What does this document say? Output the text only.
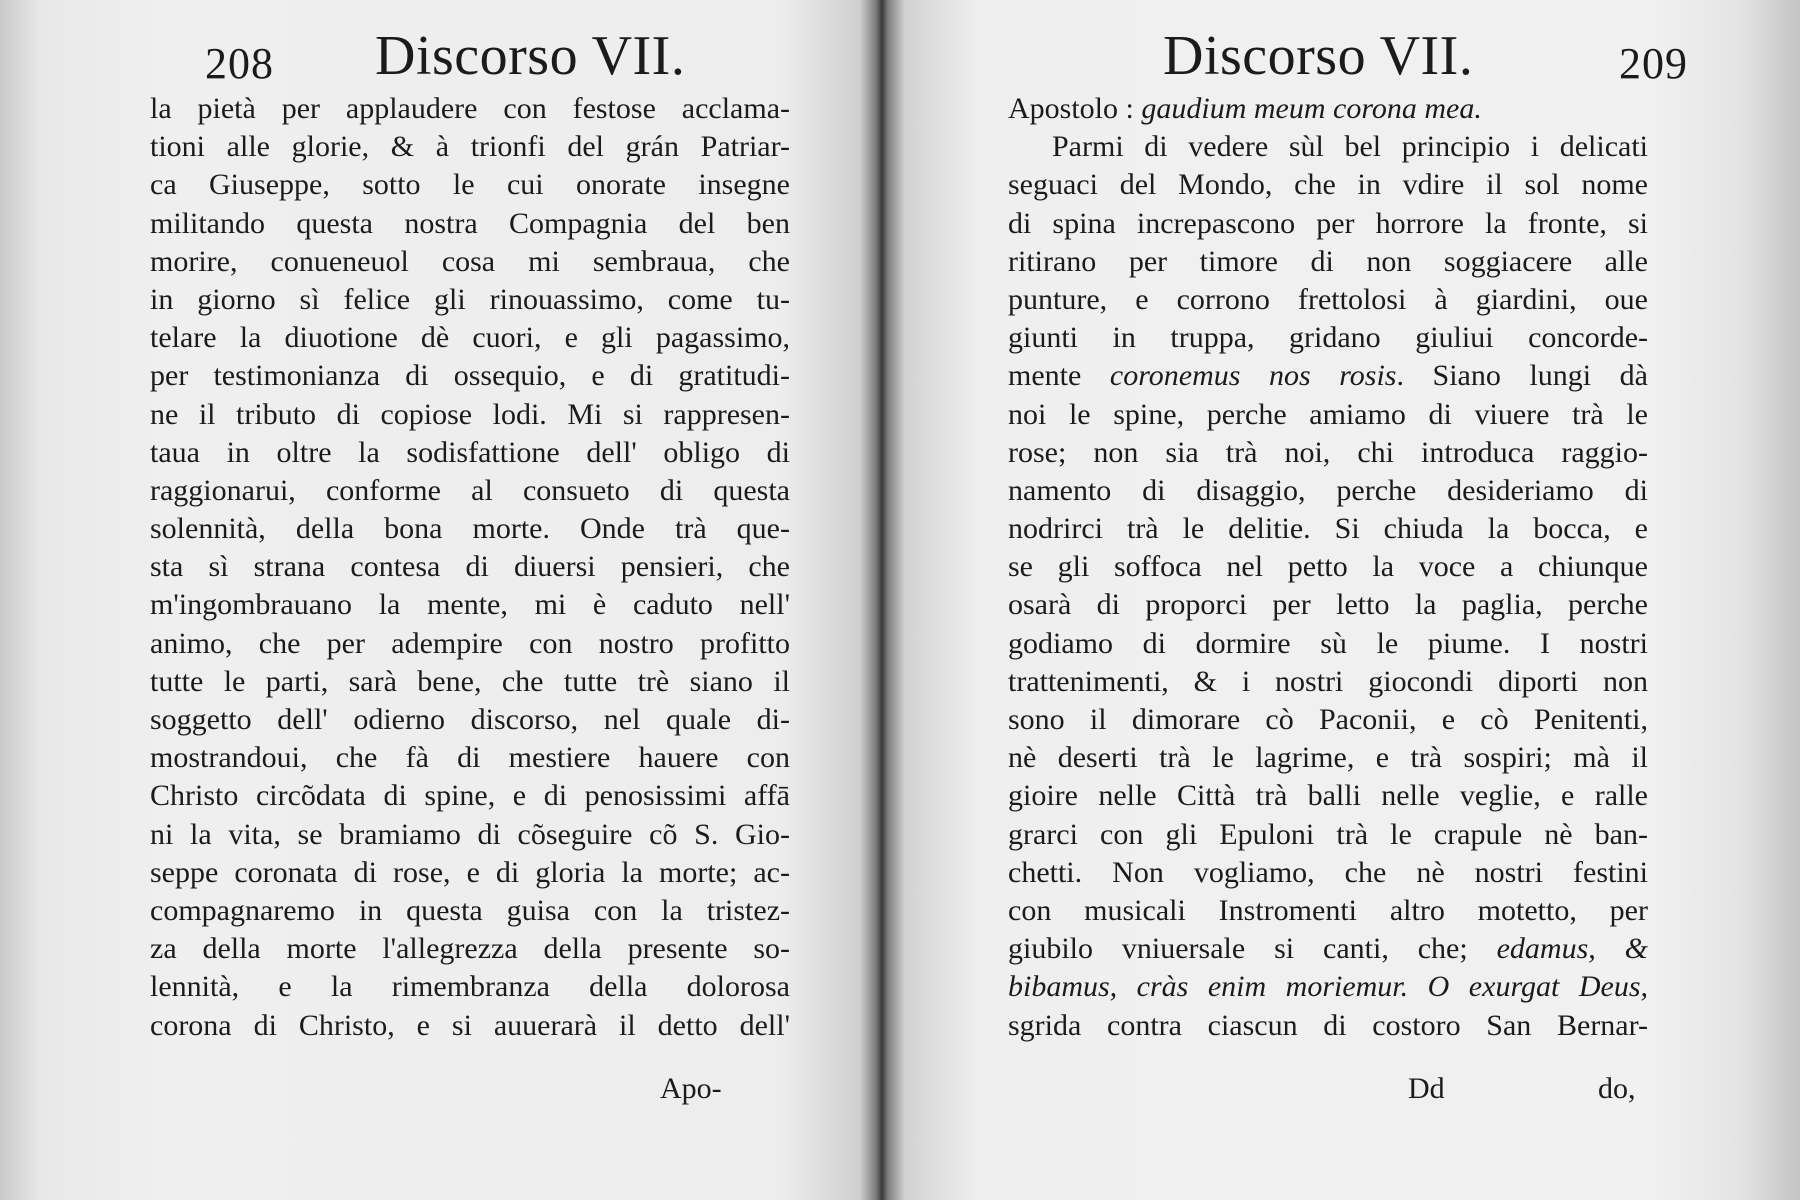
208 Discorso VII.
la pietà per applaudere con festose acclama-
tioni alle glorie, & à trionfi del grán Patriar-
ca Giuseppe, sotto le cui onorate insegne
militando questa nostra Compagnia del ben
morire, conueneuol cosa mi sembraua, che
in giorno sì felice gli rinouassimo, come tu-
telare la diuotione dè cuori, e gli pagassimo,
per testimonianza di ossequio, e di gratitudi-
ne il tributo di copiose lodi. Mi si rappresen-
taua in oltre la sodisfattione dell' obligo di
raggionarui, conforme al consueto di questa
solennità, della bona morte. Onde trà que-
sta sì strana contesa di diuersi pensieri, che
m'ingombrauano la mente, mi è caduto nell'
animo, che per adempire con nostro profitto
tutte le parti, sarà bene, che tutte trè siano il
soggetto dell' odierno discorso, nel quale di-
mostrandoui, che fà di mestiere hauere con
Christo circõdata di spine, e di penosissimi affā
ni la vita, se bramiamo di cõseguire cõ S. Gio-
seppe coronata di rose, e di gloria la morte; ac-
compagnaremo in questa guisa con la tristez-
za della morte l'allegrezza della presente so-
lennità, e la rimembranza della dolorosa
corona di Christo, e si auuerarà il detto dell'
Apo-
Discorso VII.	209
Apostolo : gaudium meum corona mea.
Parmi di vedere sùl bel principio i delicati
seguaci del Mondo, che in vdire il sol nome
di spina increpascono per horrore la fronte, si
ritirano per timore di non soggiacere alle
punture, e corrono frettolosi à giardini, oue
giunti in truppa, gridano giuliui concorde-
mente coronemus nos rosis. Siano lungi dà
noi le spine, perche amiamo di viuere trà le
rose; non sia trà noi, chi introduca raggio-
namento di disaggio, perche desideriamo di
nodrirci trà le delitie. Si chiuda la bocca, e
se gli soffoca nel petto la voce a chiunque
osarà di proporci per letto la paglia, perche
godiamo di dormire sù le piume. I nostri
trattenimenti, & i nostri giocondi diporti non
sono il dimorare cò Paconii, e cò Penitenti,
nè deserti trà le lagrime, e trà sospiri; mà il
gioire nelle Città trà balli nelle veglie, e ralle
grarci con gli Epuloni trà le crapule nè ban-
chetti. Non vogliamo, che nè nostri festini
con musicali Instromenti altro motetto, per
giubilo vniuersale si canti, che; edamus, &
bibamus, cràs enim moriemur. O exurgat Deus,
sgrida contra ciascun di costoro San Bernar-
Dd	do,
